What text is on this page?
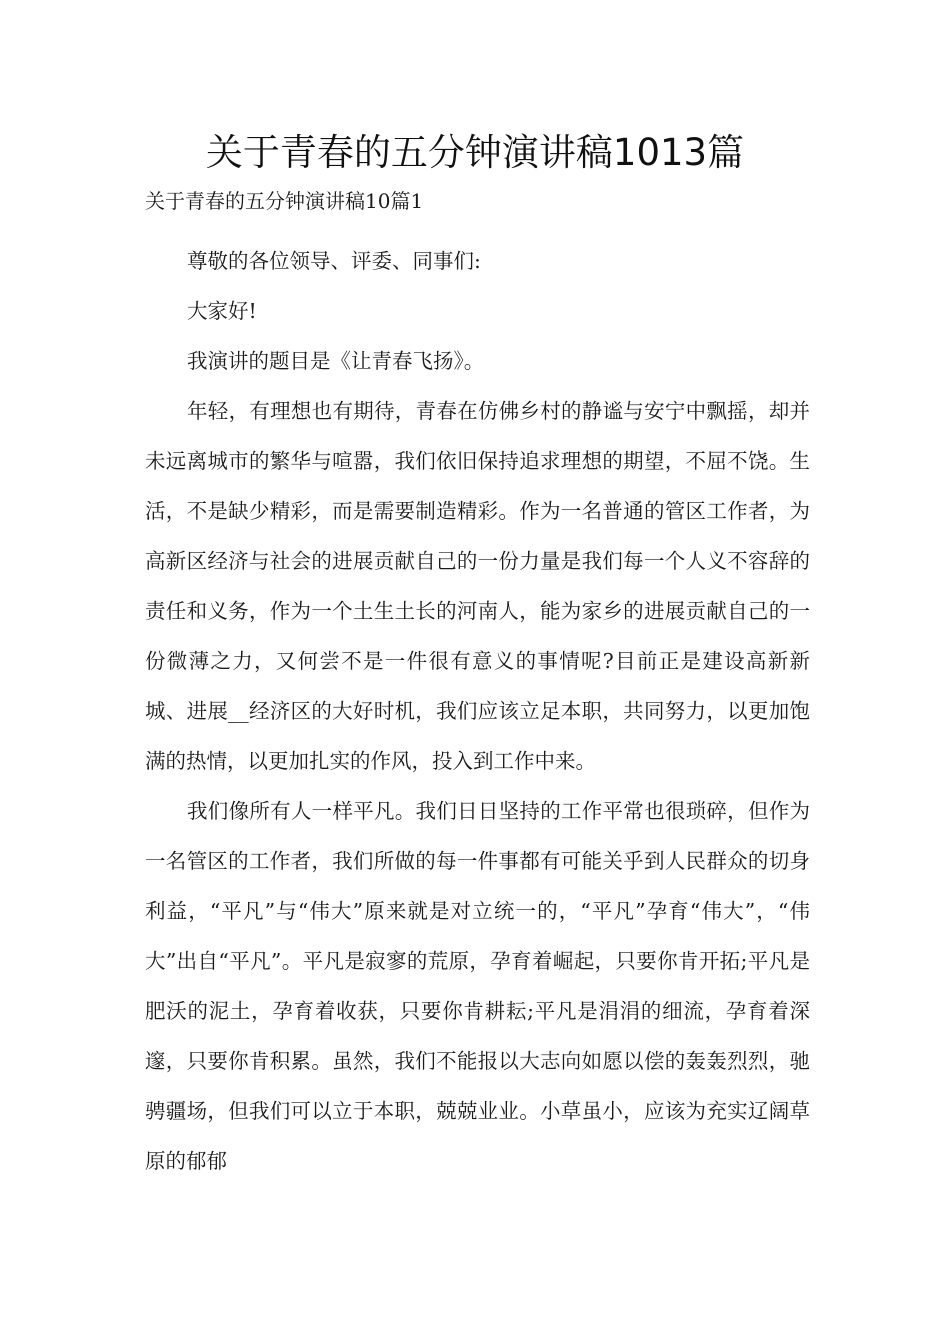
关于青春的五分钟演讲稿1013篇
关于青春的五分钟演讲稿10篇1

尊敬的各位领导、评委、同事们:

大家好!

我演讲的题目是《让青春飞扬》。

年轻，有理想也有期待，青春在仿佛乡村的静谧与安宁中飘摇，却并未远离城市的繁华与喧嚣，我们依旧保持追求理想的期望，不屈不饶。生活，不是缺少精彩，而是需要制造精彩。作为一名普通的管区工作者，为高新区经济与社会的进展贡献自己的一份力量是我们每一个人义不容辞的责任和义务，作为一个土生土长的河南人，能为家乡的进展贡献自己的一份微薄之力，又何尝不是一件很有意义的事情呢?目前正是建设高新新城、进展__经济区的大好时机，我们应该立足本职，共同努力，以更加饱满的热情，以更加扎实的作风，投入到工作中来。

我们像所有人一样平凡。我们日日坚持的工作平常也很琐碎，但作为一名管区的工作者，我们所做的每一件事都有可能关乎到人民群众的切身利益，“平凡”与“伟大”原来就是对立统一的，“平凡”孕育“伟大”，“伟大”出自“平凡”。平凡是寂寥的荒原，孕育着崛起，只要你肯开拓;平凡是肥沃的泥土，孕育着收获，只要你肯耕耘;平凡是涓涓的细流，孕育着深邃，只要你肯积累。虽然，我们不能报以大志向如愿以偿的轰轰烈烈，驰骋疆场，但我们可以立于本职，兢兢业业。小草虽小，应该为充实辽阔草原的郁郁
